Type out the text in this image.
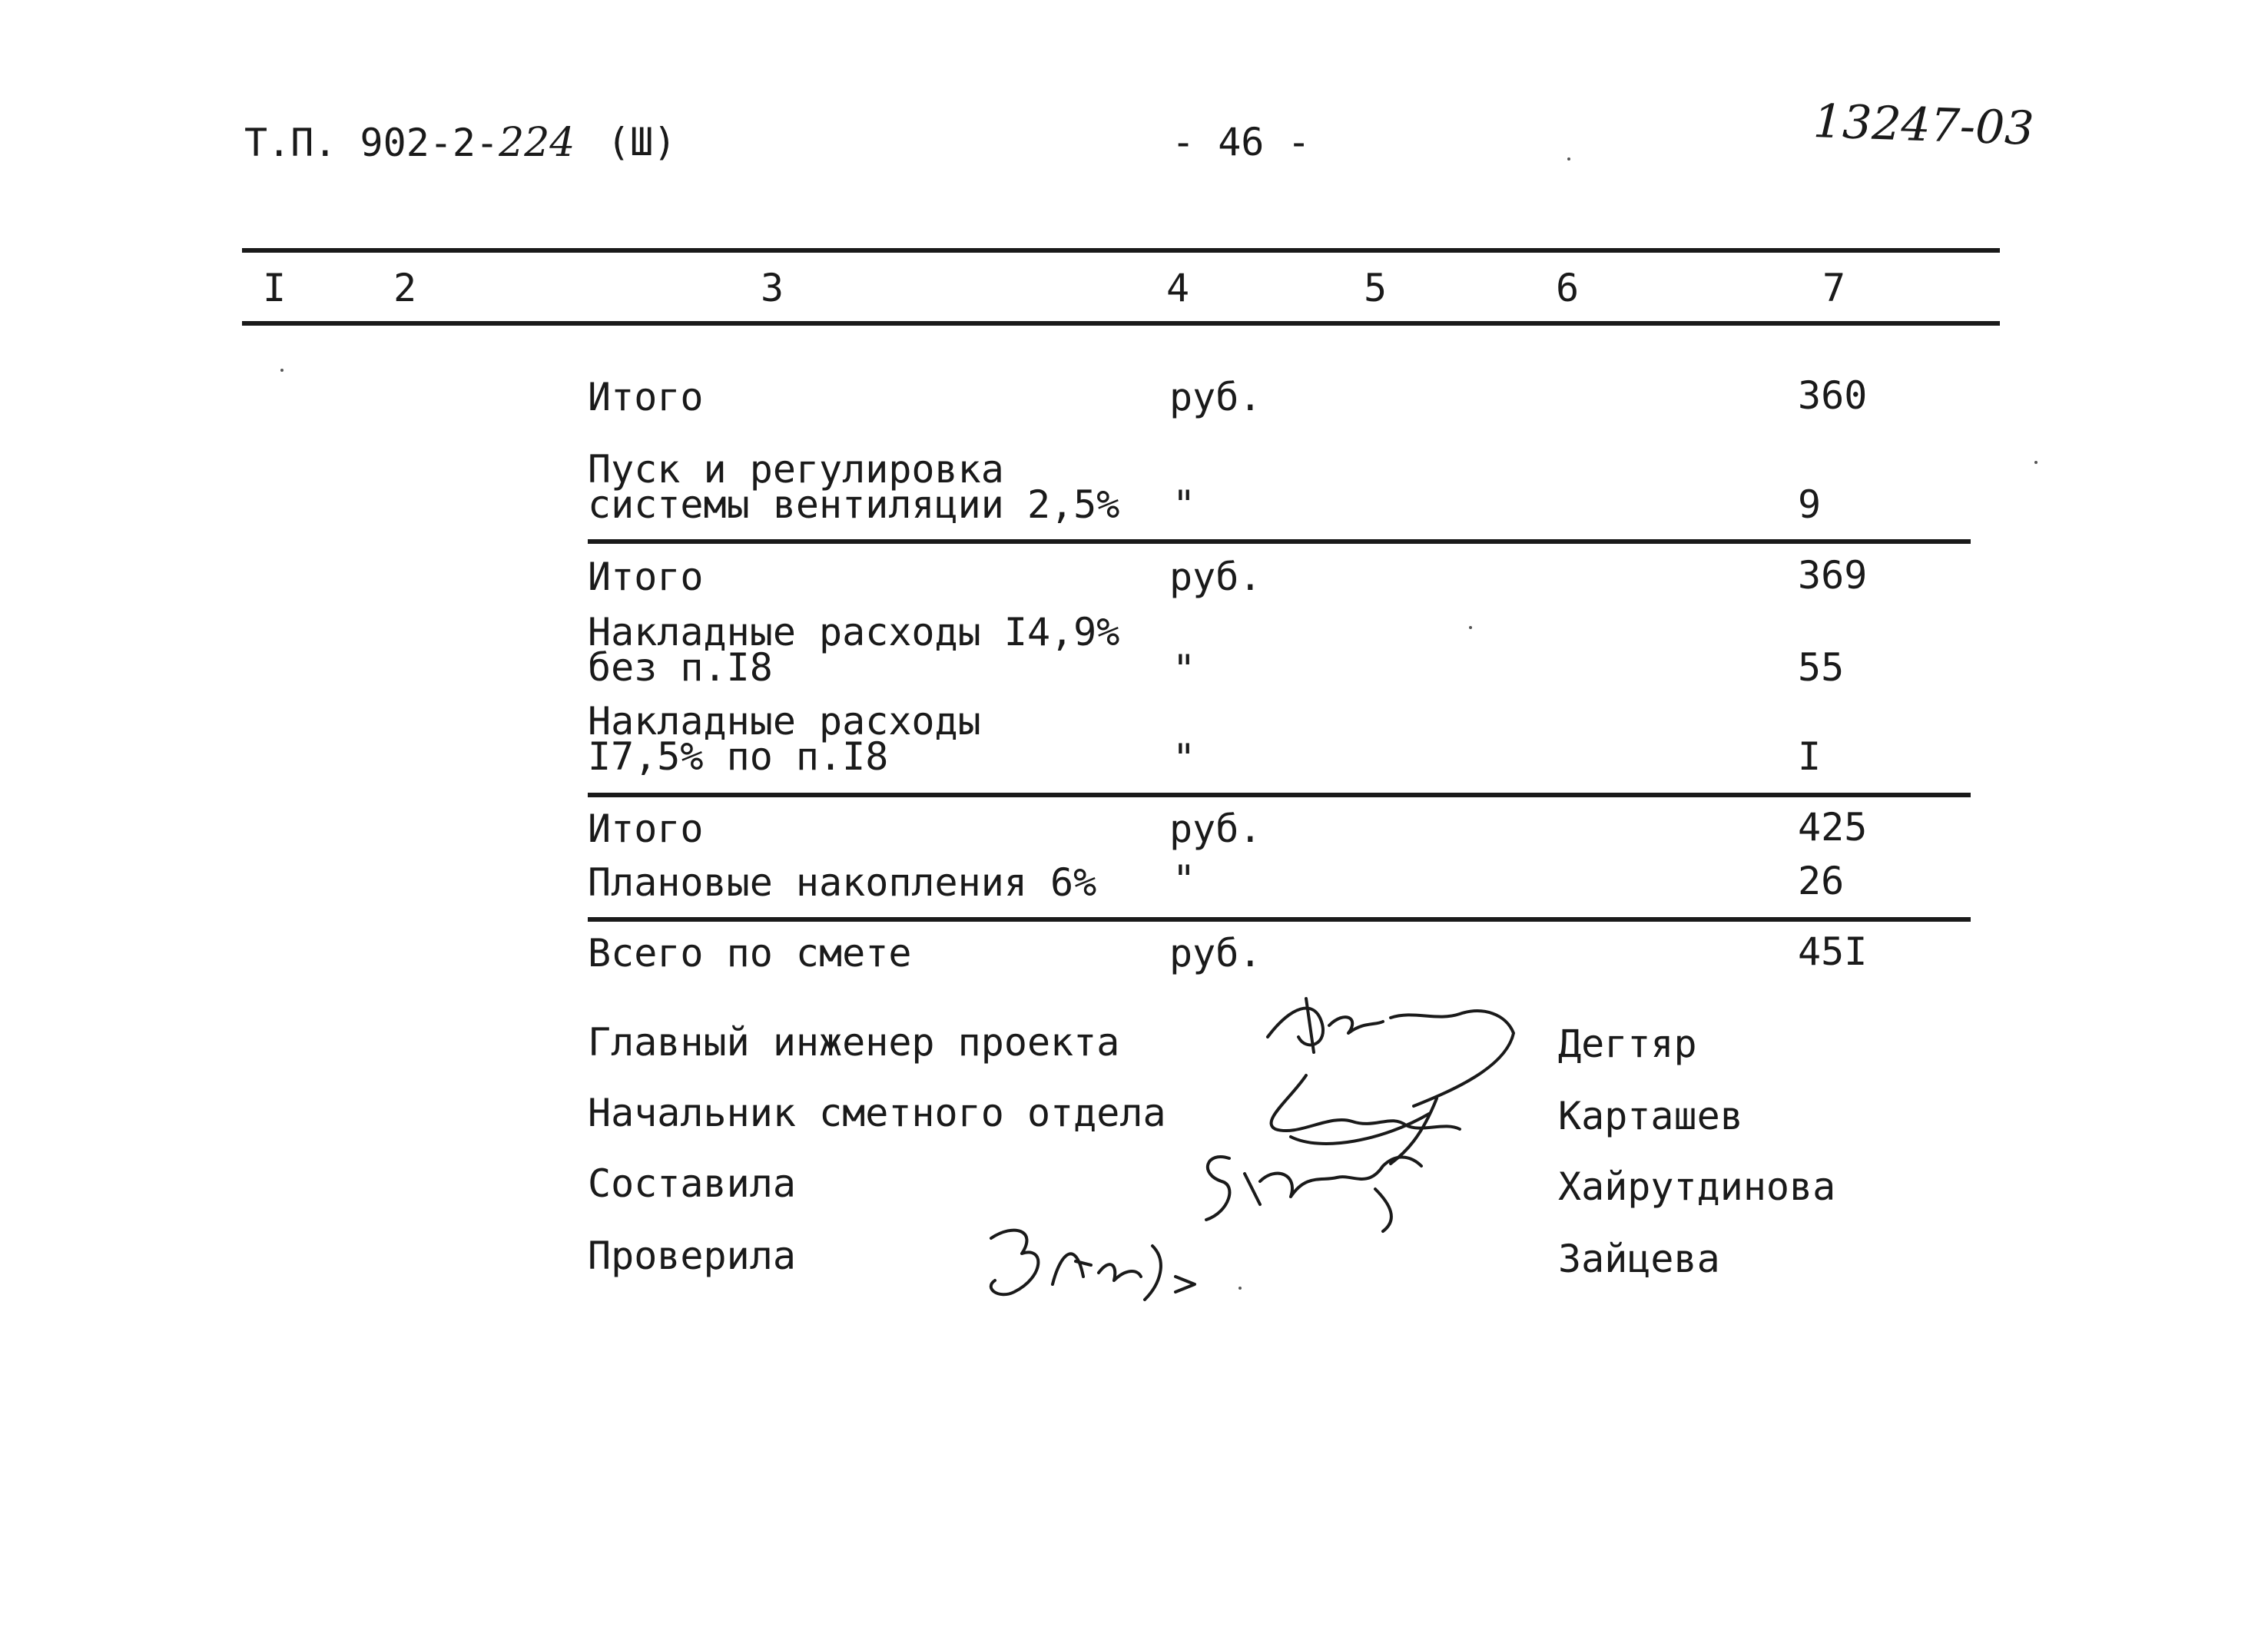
Т.П. 902-2-224 (Ш)	- 46 -	13247-03
I	2	3	4	5	6	7
Итого	руб.	360
Пуск и регулировка
системы вентиляции 2,5% "	9
Итого	руб.	369
Накладные расходы I4,9%
без п.I8	"	55
Накладные расходы
I7,5% по п.I8	"	I
Итого	руб.	425
Плановые накопления 6% "	26
Всего по смете	руб.	45I
Главный инженер проекта	Дегтяр
Начальник сметного отдела	Карташев
Составила	Хайрутдинова
Проверила	Зайцева
